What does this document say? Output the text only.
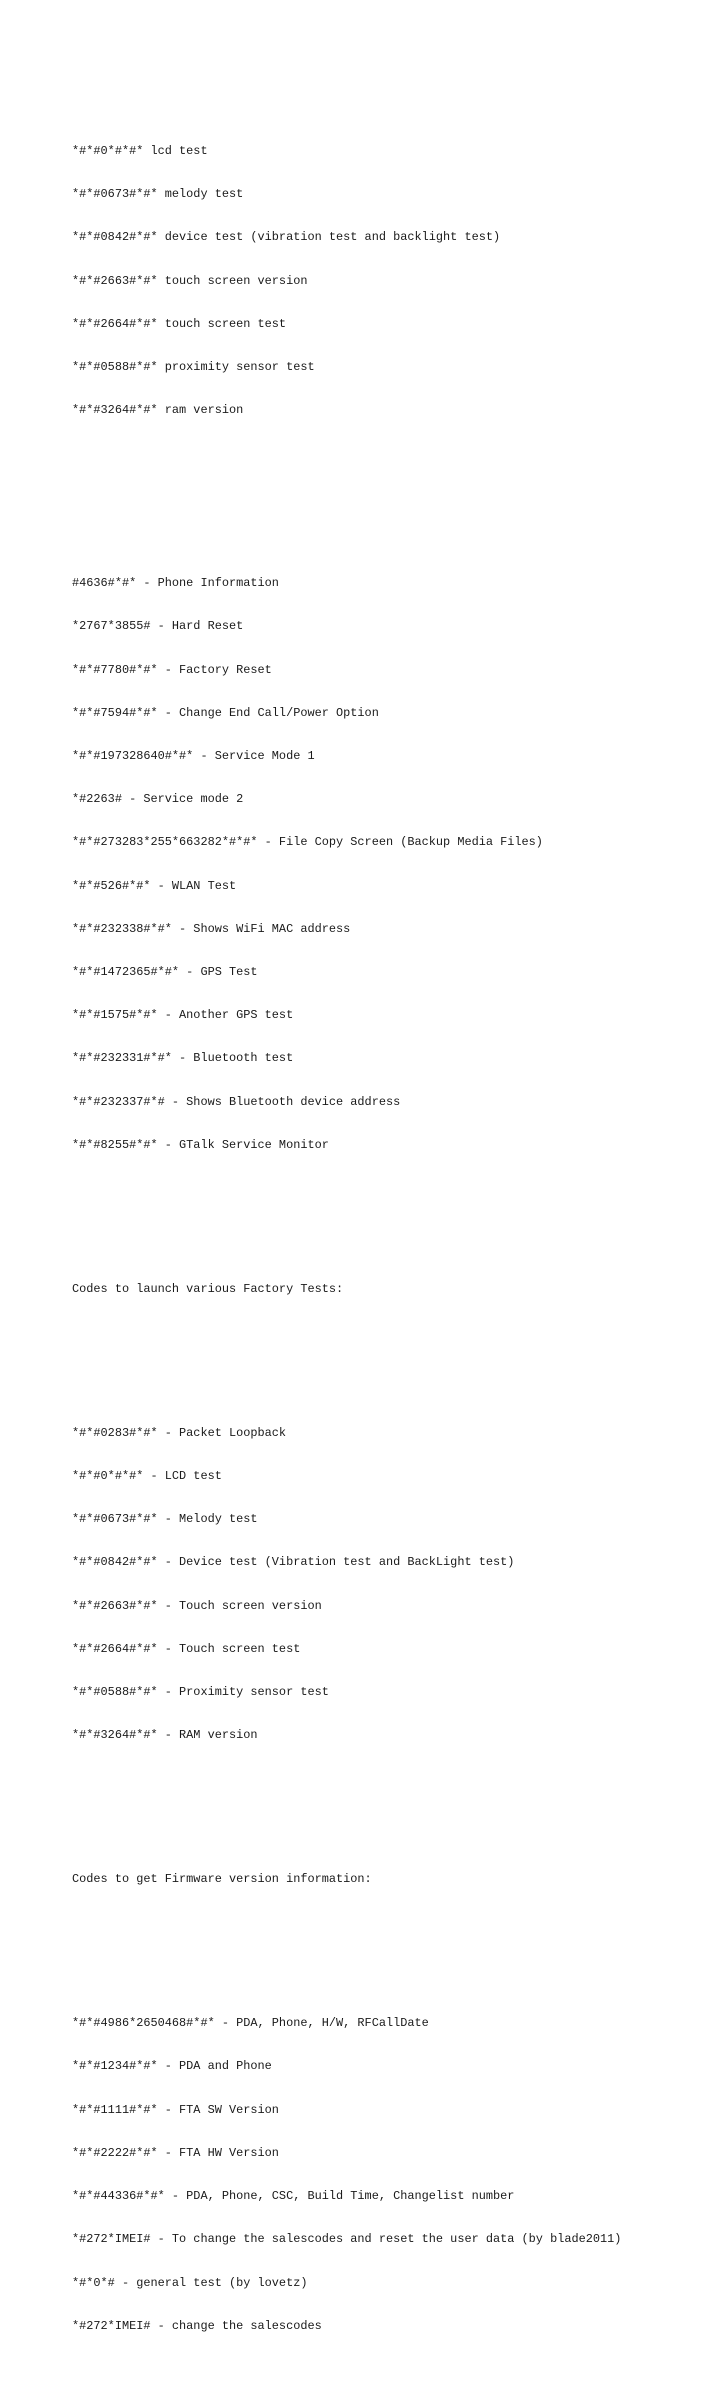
*#*#0*#*#* lcd test

*#*#0673#*#* melody test

*#*#0842#*#* device test (vibration test and backlight test)

*#*#2663#*#* touch screen version

*#*#2664#*#* touch screen test

*#*#0588#*#* proximity sensor test

*#*#3264#*#* ram version

#4636#*#* - Phone Information

*2767*3855# - Hard Reset

*#*#7780#*#* - Factory Reset

*#*#7594#*#* - Change End Call/Power Option

*#*#197328640#*#* - Service Mode 1

*#2263# - Service mode 2

*#*#273283*255*663282*#*#* - File Copy Screen (Backup Media Files)

*#*#526#*#* - WLAN Test

*#*#232338#*#* - Shows WiFi MAC address

*#*#1472365#*#* - GPS Test

*#*#1575#*#* - Another GPS test

*#*#232331#*#* - Bluetooth test

*#*#232337#*# - Shows Bluetooth device address

*#*#8255#*#* - GTalk Service Monitor

Codes to launch various Factory Tests:

*#*#0283#*#* - Packet Loopback

*#*#0*#*#* - LCD test

*#*#0673#*#* - Melody test

*#*#0842#*#* - Device test (Vibration test and BackLight test)

*#*#2663#*#* - Touch screen version

*#*#2664#*#* - Touch screen test

*#*#0588#*#* - Proximity sensor test

*#*#3264#*#* - RAM version

Codes to get Firmware version information:

*#*#4986*2650468#*#* - PDA, Phone, H/W, RFCallDate

*#*#1234#*#* - PDA and Phone

*#*#1111#*#* - FTA SW Version

*#*#2222#*#* - FTA HW Version

*#*#44336#*#* - PDA, Phone, CSC, Build Time, Changelist number

*#272*IMEI# - To change the salescodes and reset the user data (by blade2011)

*#*0*# - general test (by lovetz)

*#272*IMEI# - change the salescodes
